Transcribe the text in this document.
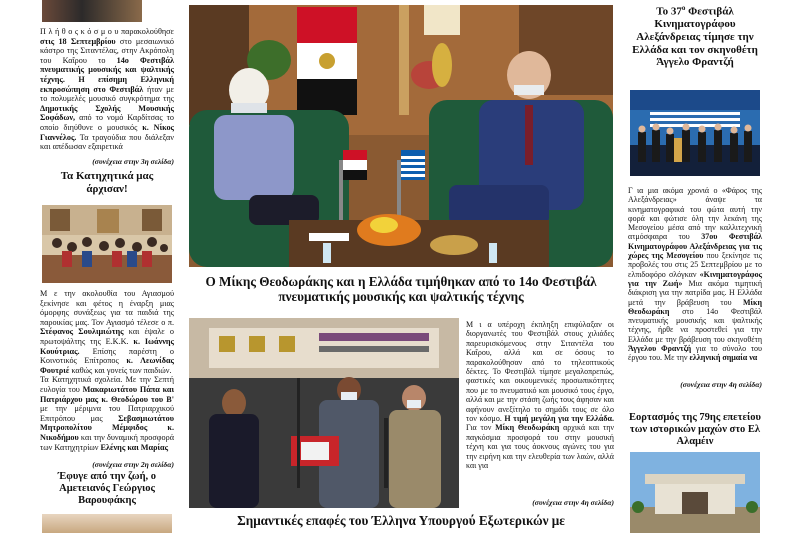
Π λ ή θ ο ς κ ό σ μ ο υ παρακολούθησε στις 18 Σεπτεμβρίου στο μεσαιωνικό κάστρο της Σιταντέλας, στην Ακρόπολη του Καΐρου το 14ο Φεστιβάλ πνευματικής μουσικής και ψαλτικής τέχνης. Η επίσημη Ελληνική εκπροσώπηση στο Φεστιβάλ ήταν με το πολυμελές μουσικό συγκρότημα της Δημοτικής Σχολής Μουσικής Σοφάδων, από το νομό Καρδίτσας το οποίο διηύθυνε ο μουσικός κ. Νίκος Γιαννέλος. Τα τραγούδια που διάλεξαν και απέδωσαν εξαιρετικά

(συνέχεια στην 3η σελίδα)
Τα Κατηχητικά μας άρχισαν!

Μ ε την ακολουθία του Αγιασμού ξεκίνησε και φέτος η έναρξη μιας όμορφης συνάξεως για τα παιδιά της παροικίας μας. Τον Αγιασμό τέλεσε ο π. Στέφανος Σουλιμιώτης και έψαλε ο πρωτοψάλτης της Ε.Κ.Κ. κ. Ιωάννης Κουύτριας. Επίσης παρέστη ο Κοινοτικός Επίτροπος κ. Λεωνίδας Φουτριέ καθώς και γονείς των παιδιών.
Τα Κατηχητικά σχολεία. Με την Σεπτή ευλογία του Μακαριωτάτου Πάπα και Πατριάρχου μας κ. Θεοδώρου του Β' με την μέριμνα του Πατριαρχικού Επιτρόπου μας Σεβασμιωτάτου Μητροπολίτου Μέμφιδος κ. Νικοδήμου και την δυναμική προσφορά των Κατηχητρίων Ελένης και Μαρίας

(συνέχεια στην 2η σελίδα)
Έφυγε από την ζωή, ο Αμετειανός Γεώργιος Βαρουφάκης
Ο Μίκης Θεοδωράκης και η Ελλάδα τιμήθηκαν από το 14ο Φεστιβάλ πνευματικής μουσικής και ψαλτικής τέχνης

Μ ι α υπέροχη έκπληξη επιφύλαξαν οι διοργανωτές του Φεστιβάλ στους χιλιάδες παρευρισκόμενους στην Σιταντέλα του Καΐρου, αλλά και σε όσους το παρακολούθησαν από το τηλεοπτικούς δέκτες. Το Φεστιβάλ τίμησε μεγαλοπρεπώς, φαστικές και οικουμενικές προσωπικότητες που με το πνευματικό και μουσικό τους έργο, αλλά και με την στάση ζωής τους άφησαν και αφήνουν ανεξίτηλο το σημάδι τους σε όλο τον κόσμο. Η τιμή μεγάλη για την Ελλάδα. Για τον Μίκη Θεοδωράκη αρχικά και την παγκόσμια προσφορά του στην μουσική τέχνη και για τους άοκνους αγώνες του για την ειρήνη και την ελευθερία των λαών, αλλά και για

(συνέχεια στην 4η σελίδα)
Σημαντικές επαφές του Έλληνα Υπουργού Εξωτερικών με
Το $37^o$ Φεστιβάλ Κινηματογράφου Αλεξάνδρειας τίμησε την Ελλάδα και τον σκηνοθέτη Άγγελο Φραντζή

Γ ια μια ακόμα χρονιά ο «Φάρος της Αλεξάνδρειας» άναψε τα κινηματογραφικά του φώτα αυτή την φορά και φώτισε όλη την λεκάνη της Μεσογείου μέσα από την καλλιτεχνική ατμόσφαιρα του 37ου Φεστιβάλ Κινηματογράφου Αλεξάνδρειας για τις χώρες της Μεσογείου που ξεκίνησε τις προβολές του στις 25 Σεπτεμβρίου με το ελπιδοφόρο σλόγκαν «Κινηματογράφος για την Ζωή» Μια ακόμα τιμητική διάκριση για την πατρίδα μας. Η Ελλάδα μετά την βράβευση του Μίκη Θεοδωράκη στο 14ο Φεστιβάλ πνευματικής μουσικής και ψαλτικής τέχνης, ήρθε να προστεθεί για την Ελλάδα με την βράβευση του σκηνοθέτη Άγγελου Φραντζή για το σύνολο του έργου του. Με την ελληνική σημαία να

(συνέχεια στην 4η σελίδα)
Εορτασμός της 79ης επετείου των ιστορικών μαχών στο Ελ Αλαμέιν
